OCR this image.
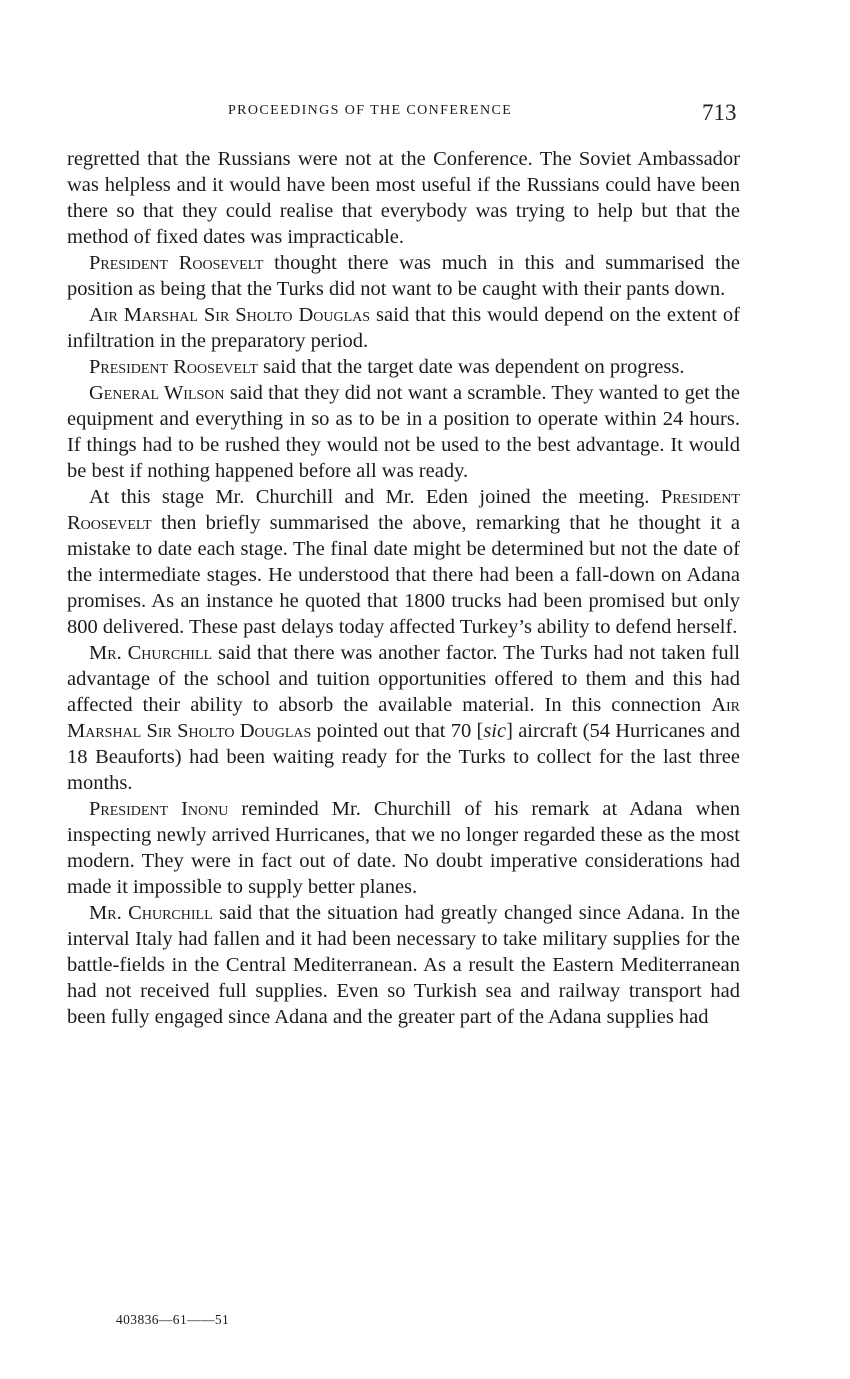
PROCEEDINGS OF THE CONFERENCE	713

regretted that the Russians were not at the Conference. The Soviet Ambassador was helpless and it would have been most useful if the Russians could have been there so that they could realise that everybody was trying to help but that the method of fixed dates was impracticable.

President Roosevelt thought there was much in this and summarised the position as being that the Turks did not want to be caught with their pants down.

Air Marshal Sir Sholto Douglas said that this would depend on the extent of infiltration in the preparatory period.

President Roosevelt said that the target date was dependent on progress.

General Wilson said that they did not want a scramble. They wanted to get the equipment and everything in so as to be in a position to operate within 24 hours. If things had to be rushed they would not be used to the best advantage. It would be best if nothing happened before all was ready.

At this stage Mr. Churchill and Mr. Eden joined the meeting. President Roosevelt then briefly summarised the above, remarking that he thought it a mistake to date each stage. The final date might be determined but not the date of the intermediate stages. He understood that there had been a fall-down on Adana promises. As an instance he quoted that 1800 trucks had been promised but only 800 delivered. These past delays today affected Turkey’s ability to defend herself.

Mr. Churchill said that there was another factor. The Turks had not taken full advantage of the school and tuition opportunities offered to them and this had affected their ability to absorb the available material. In this connection Air Marshal Sir Sholto Douglas pointed out that 70 [sic] aircraft (54 Hurricanes and 18 Beauforts) had been waiting ready for the Turks to collect for the last three months.

President Inonu reminded Mr. Churchill of his remark at Adana when inspecting newly arrived Hurricanes, that we no longer regarded these as the most modern. They were in fact out of date. No doubt imperative considerations had made it impossible to supply better planes.

Mr. Churchill said that the situation had greatly changed since Adana. In the interval Italy had fallen and it had been necessary to take military supplies for the battle-fields in the Central Mediterranean. As a result the Eastern Mediterranean had not received full supplies. Even so Turkish sea and railway transport had been fully engaged since Adana and the greater part of the Adana supplies had

403836—61——51
